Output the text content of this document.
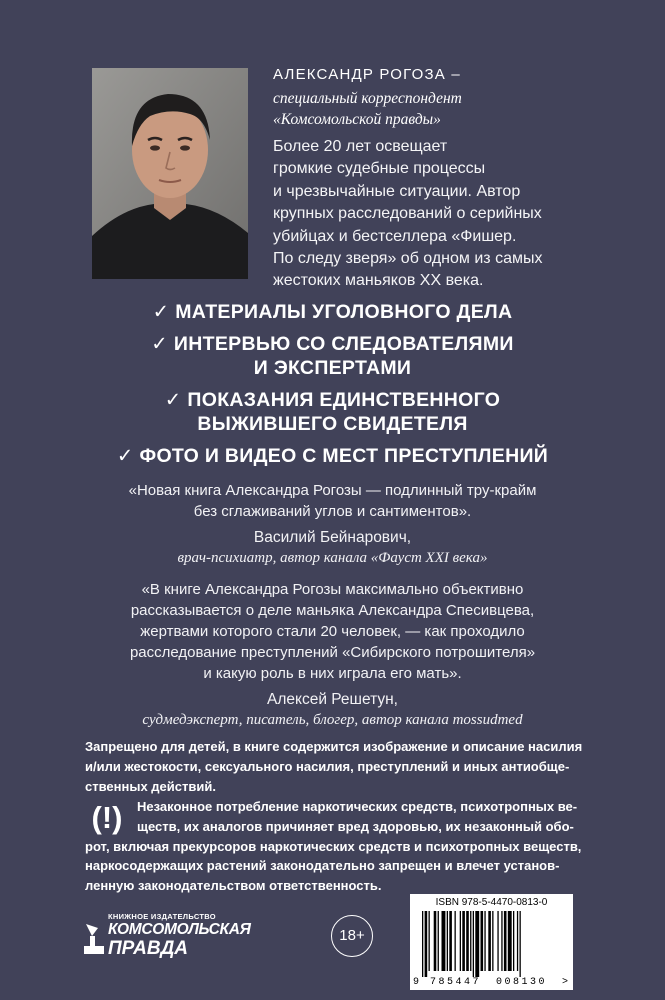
АЛЕКСАНДР РОГОЗА –
специальный корреспондент
«Комсомольской правды»
Более 20 лет освещает
громкие судебные процессы
и чрезвычайные ситуации. Автор
крупных расследований о серийных
убийцах и бестселлера «Фишер.
По следу зверя» об одном из самых
жестоких маньяков XX века.
✓ МАТЕРИАЛЫ УГОЛОВНОГО ДЕЛА
✓ ИНТЕРВЬЮ СО СЛЕДОВАТЕЛЯМИ
И ЭКСПЕРТАМИ
✓ ПОКАЗАНИЯ ЕДИНСТВЕННОГО
ВЫЖИВШЕГО СВИДЕТЕЛЯ
✓ ФОТО И ВИДЕО С МЕСТ ПРЕСТУПЛЕНИЙ
«Новая книга Александра Рогозы — подлинный тру-крайм
без сглаживаний углов и сантиментов».
Василий Бейнарович,
врач-психиатр, автор канала «Фауст XXI века»
«В книге Александра Рогозы максимально объективно
рассказывается о деле маньяка Александра Спесивцева,
жертвами которого стали 20 человек, — как проходило
расследование преступлений «Сибирского потрошителя»
и какую роль в них играла его мать».
Алексей Решетун,
судмедэксперт, писатель, блогер, автор канала mossudmed
Запрещено для детей, в книге содержится изображение и описание насилия
и/или жестокости, сексуального насилия, преступлений и иных антиобще-
ственных действий.
(!)	Незаконное потребление наркотических средств, психотропных ве-
ществ, их аналогов причиняет вред здоровью, их незаконный обо-
рот, включая прекурсоров наркотических средств и психотропных веществ,
наркосодержащих растений законодательно запрещен и влечет установ-
ленную законодательством ответственность.
КНИЖНОЕ ИЗДАТЕЛЬСТВО
КОМСОМОЛЬСКАЯ
ПРАВДА
18+
ISBN 978-5-4470-0813-0
9 785447 008130 >
